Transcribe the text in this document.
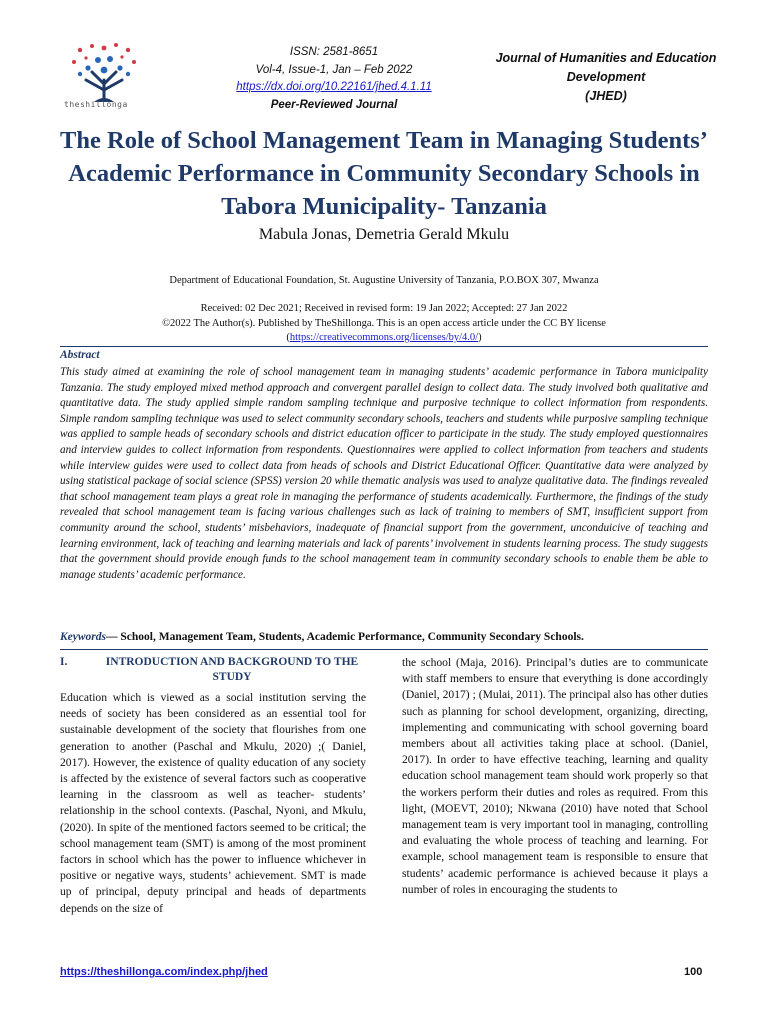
theshillonga
ISSN: 2581-8651
Vol-4, Issue-1, Jan – Feb 2022
https://dx.doi.org/10.22161/jhed.4.1.11
Peer-Reviewed Journal
Journal of Humanities and Education
Development
(JHED)
The Role of School Management Team in Managing Students’ Academic Performance in Community Secondary Schools in Tabora Municipality- Tanzania
Mabula Jonas, Demetria Gerald Mkulu
Department of Educational Foundation, St. Augustine University of Tanzania, P.O.BOX 307, Mwanza
Received: 02 Dec 2021; Received in revised form: 19 Jan 2022; Accepted: 27 Jan 2022
©2022 The Author(s). Published by TheShillonga. This is an open access article under the CC BY license
(https://creativecommons.org/licenses/by/4.0/)
Abstract
This study aimed at examining the role of school management team in managing students’ academic performance in Tabora municipality Tanzania. The study employed mixed method approach and convergent parallel design to collect data. The study involved both qualitative and quantitative data. The study applied simple random sampling technique and purposive technique to collect information from respondents. Simple random sampling technique was used to select community secondary schools, teachers and students while purposive sampling technique was applied to sample heads of secondary schools and district education officer to participate in the study. The study employed questionnaires and interview guides to collect information from respondents. Questionnaires were applied to collect information from teachers and students while interview guides were used to collect data from heads of schools and District Educational Officer. Quantitative data were analyzed by using statistical package of social science (SPSS) version 20 while thematic analysis was used to analyze qualitative data. The findings revealed that school management team plays a great role in managing the performance of students academically. Furthermore, the findings of the study revealed that school management team is facing various challenges such as lack of training to members of SMT, insufficient support from community around the school, students’ misbehaviors, inadequate of financial support from the government, unconduicive of teaching and learning environment, lack of teaching and learning materials and lack of parents’ involvement in students learning process. The study suggests that the government should provide enough funds to the school management team in community secondary schools to enable them be able to manage students’ academic performance.
Keywords— School, Management Team, Students, Academic Performance, Community Secondary Schools.
I.	INTRODUCTION AND BACKGROUND TO THE STUDY
Education which is viewed as a social institution serving the needs of society has been considered as an essential tool for sustainable development of the society that flourishes from one generation to another (Paschal and Mkulu, 2020) ;( Daniel, 2017). However, the existence of quality education of any society is affected by the existence of several factors such as cooperative learning in the classroom as well as teacher- students’ relationship in the school contexts. (Paschal, Nyoni, and Mkulu, (2020). In spite of the mentioned factors seemed to be critical; the school management team (SMT) is among of the most prominent factors in school which has the power to influence whichever in positive or negative ways, students’ achievement. SMT is made up of principal, deputy principal and heads of departments depends on the size of
the school (Maja, 2016). Principal’s duties are to communicate with staff members to ensure that everything is done accordingly (Daniel, 2017) ; (Mulai, 2011). The principal also has other duties such as planning for school development, organizing, directing, implementing and communicating with school governing board members about all activities taking place at school. (Daniel, 2017). In order to have effective teaching, learning and quality education school management team should work properly so that the workers perform their duties and roles as required. From this light, (MOEVT, 2010); Nkwana (2010) have noted that School management team is very important tool in managing, controlling and evaluating the whole process of teaching and learning. For example, school management team is responsible to ensure that students’ academic performance is achieved because it plays a number of roles in encouraging the students to
https://theshillonga.com/index.php/jhed	100
